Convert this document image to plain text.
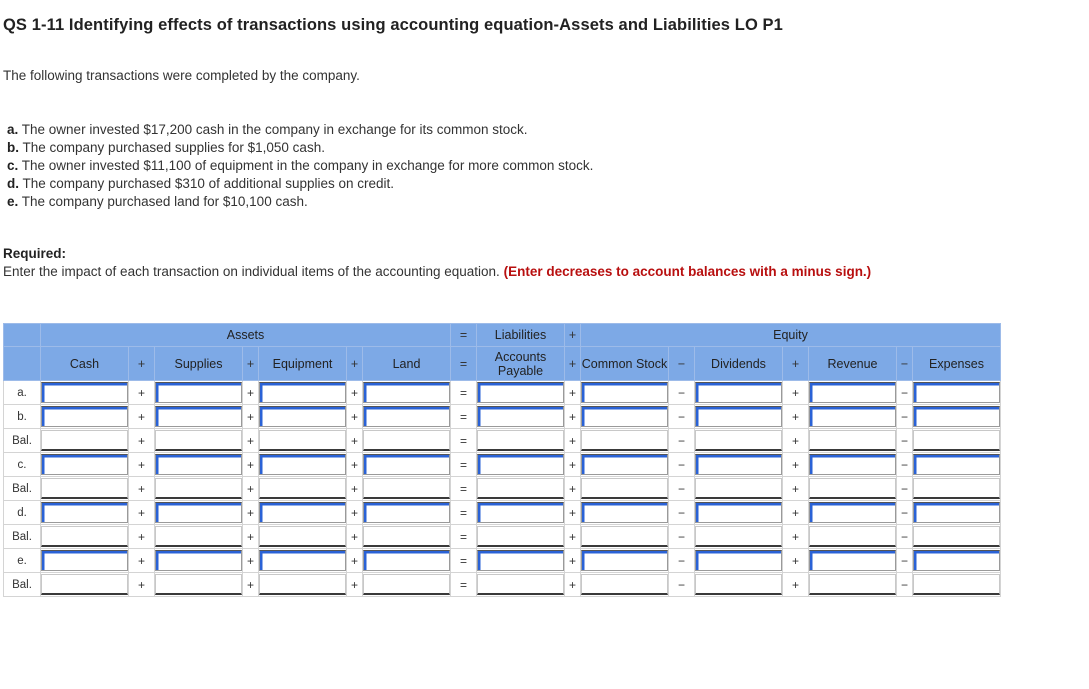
QS 1-11 Identifying effects of transactions using accounting equation-Assets and Liabilities LO P1
The following transactions were completed by the company.
a. The owner invested $17,200 cash in the company in exchange for its common stock.
b. The company purchased supplies for $1,050 cash.
c. The owner invested $11,100 of equipment in the company in exchange for more common stock.
d. The company purchased $310 of additional supplies on credit.
e. The company purchased land for $10,100 cash.
Required:
Enter the impact of each transaction on individual items of the accounting equation. (Enter decreases to account balances with a minus sign.)
	Assets							=	Liabilities	+	Equity						
	Cash	+	Supplies	+	Equipment	+	Land	=	Accounts Payable	+	Common Stock	−	Dividends	+	Revenue	−	Expenses
a.		+		+		+		=		+		−		+		−	

b.		+		+		+		=		+		−		+		−	

Bal.		+		+		+		=		+		−		+		−	

c.		+		+		+		=		+		−		+		−	

Bal.		+		+		+		=		+		−		+		−	

d.		+		+		+		=		+		−		+		−	

Bal.		+		+		+		=		+		−		+		−	

e.		+		+		+		=		+		−		+		−	

Bal.		+		+		+		=		+		−		+		−	
